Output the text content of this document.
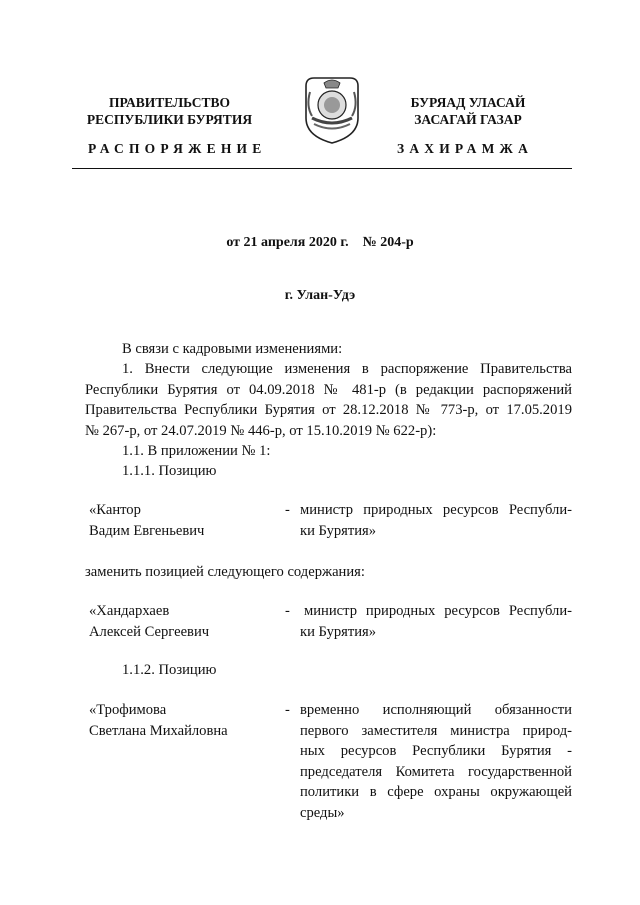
ПРАВИТЕЛЬСТВО
РЕСПУБЛИКИ БУРЯТИЯ
БУРЯАД УЛАСАЙ
ЗАСАГАЙ ГАЗАР
РАСПОРЯЖЕНИЕ	ЗАХИРАМЖА
от 21 апреля 2020 г.    № 204-р
г. Улан-Удэ
В связи с кадровыми изменениями:
1. Внести следующие изменения в распоряжение Правительства
Республики Бурятия от 04.09.2018 № 481-р (в редакции распоряжений
Правительства Республики Бурятия от 28.12.2018 № 773-р, от 17.05.2019
№ 267-р, от 24.07.2019 № 446-р, от 15.10.2019 № 622-р):
1.1. В приложении № 1:
1.1.1. Позицию
«Кантор
Вадим Евгеньевич
- министр природных ресурсов Республи-
ки Бурятия»
заменить позицией следующего содержания:
«Хандархаев
Алексей Сергеевич
- министр природных ресурсов Республи-
ки Бурятия»
1.1.2. Позицию
«Трофимова
Светлана Михайловна
- временно исполняющий обязанности
первого заместителя министра природ-
ных ресурсов Республики Бурятия -
председателя Комитета государственной
политики в сфере охраны окружающей
среды»
